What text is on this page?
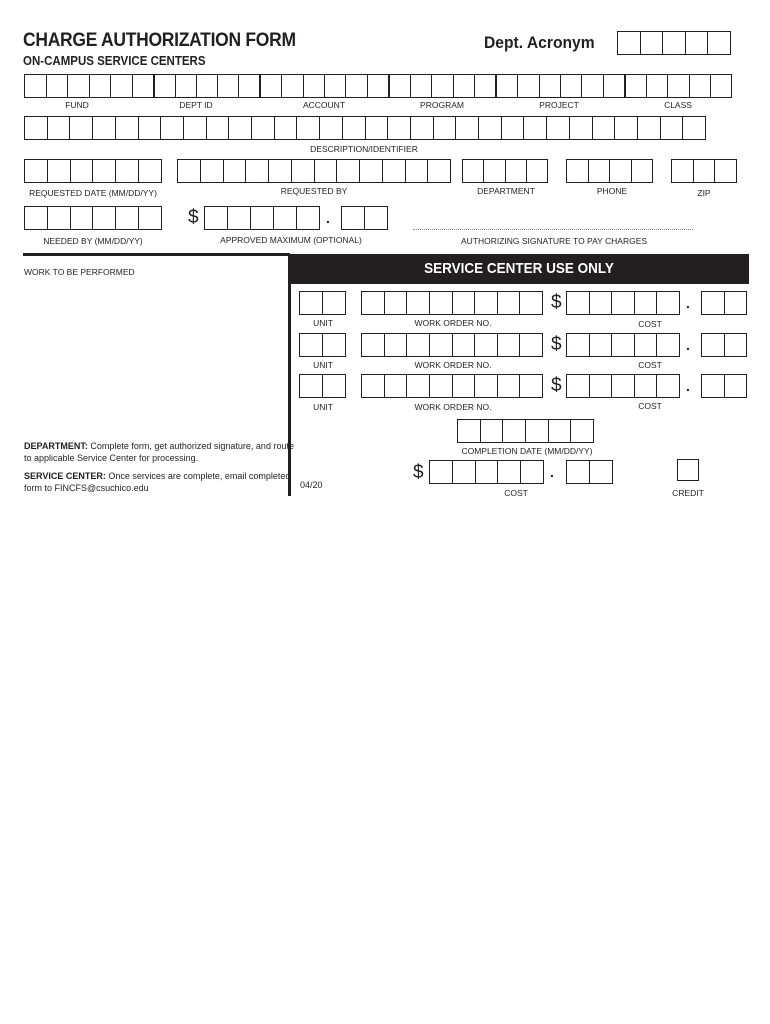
CHARGE AUTHORIZATION FORM
ON-CAMPUS SERVICE CENTERS
Dept. Acronym
FUND	DEPT ID	ACCOUNT	PROGRAM	PROJECT	CLASS
DESCRIPTION/IDENTIFIER
REQUESTED DATE (MM/DD/YY)	REQUESTED BY	DEPARTMENT	PHONE	ZIP
$	.
NEEDED BY (MM/DD/YY)	APPROVED MAXIMUM (OPTIONAL)	AUTHORIZING SIGNATURE TO PAY CHARGES
WORK TO BE PERFORMED	SERVICE CENTER USE ONLY
$	.
UNIT	WORK ORDER NO.	COST
$	.
UNIT	WORK ORDER NO.	COST
$	.
UNIT	WORK ORDER NO.	COST
COMPLETION DATE (MM/DD/YY)
$	.
COST	CREDIT
DEPARTMENT: Complete form, get authorized signature, and route to applicable Service Center for processing.
SERVICE CENTER: Once services are complete, email completed form to FINCFS@csuchico.edu	04/20
